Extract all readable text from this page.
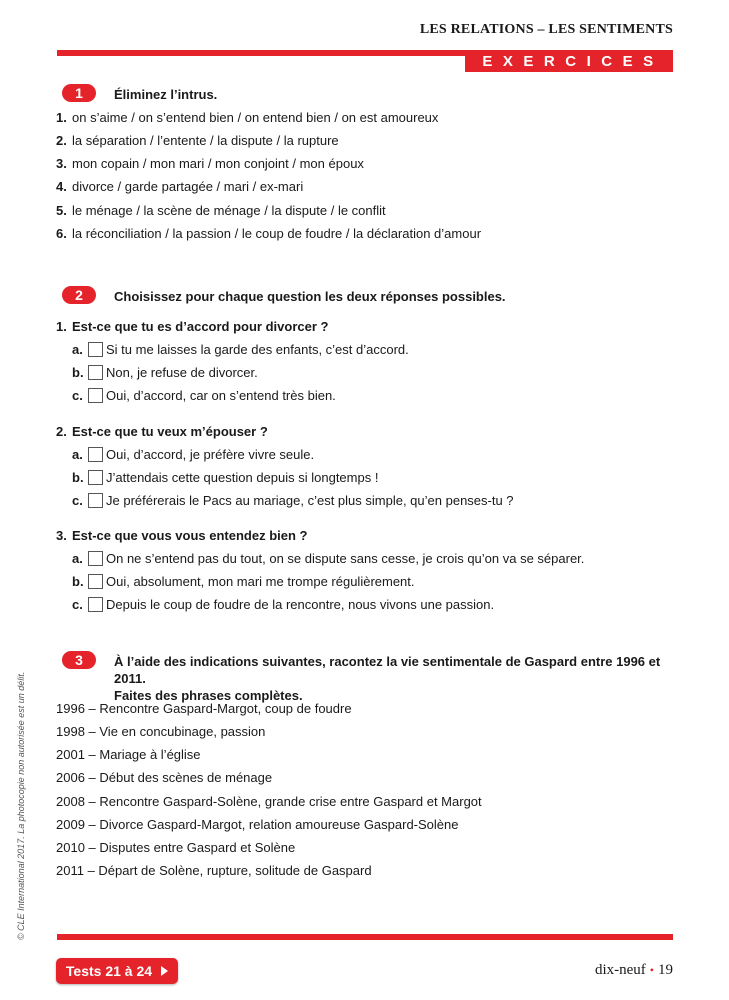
LES RELATIONS – LES SENTIMENTS
EXERCICES
1	Éliminez l’intrus.
1. on s’aime / on s’entend bien / on entend bien / on est amoureux
2. la séparation / l’entente / la dispute / la rupture
3. mon copain / mon mari / mon conjoint / mon époux
4. divorce / garde partagée / mari / ex-mari
5. le ménage / la scène de ménage / la dispute / le conflit
6. la réconciliation / la passion / le coup de foudre / la déclaration d’amour
2	Choisissez pour chaque question les deux réponses possibles.
1. Est-ce que tu es d’accord pour divorcer ?
a. Si tu me laisses la garde des enfants, c’est d’accord.
b. Non, je refuse de divorcer.
c. Oui, d’accord, car on s’entend très bien.
2. Est-ce que tu veux m’épouser ?
a. Oui, d’accord, je préfère vivre seule.
b. J’attendais cette question depuis si longtemps !
c. Je préférerais le Pacs au mariage, c’est plus simple, qu’en penses-tu ?
3. Est-ce que vous vous entendez bien ?
a. On ne s’entend pas du tout, on se dispute sans cesse, je crois qu’on va se séparer.
b. Oui, absolument, mon mari me trompe régulièrement.
c. Depuis le coup de foudre de la rencontre, nous vivons une passion.
3	À l’aide des indications suivantes, racontez la vie sentimentale de Gaspard entre 1996 et 2011.
Faites des phrases complètes.
1996 – Rencontre Gaspard-Margot, coup de foudre
1998 – Vie en concubinage, passion
2001 – Mariage à l’église
2006 – Début des scènes de ménage
2008 – Rencontre Gaspard-Solène, grande crise entre Gaspard et Margot
2009 – Divorce Gaspard-Margot, relation amoureuse Gaspard-Solène
2010 – Disputes entre Gaspard et Solène
2011 – Départ de Solène, rupture, solitude de Gaspard
© CLE International 2017. La photocopie non autorisée est un délit.
Tests 21 à 24	dix-neuf • 19
